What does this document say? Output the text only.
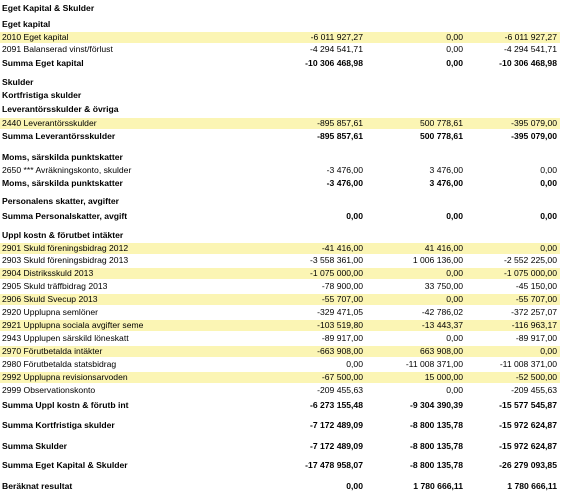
Eget Kapital & Skulder
Eget kapital
2010 Eget kapital	-6 011 927,27	0,00	-6 011 927,27
2091 Balanserad vinst/förlust	-4 294 541,71	0,00	-4 294 541,71
Summa Eget kapital	-10 306 468,98	0,00	-10 306 468,98
Skulder
Kortfristiga skulder
Leverantörsskulder & övriga
2440 Leverantörsskulder	-895 857,61	500 778,61	-395 079,00
Summa Leverantörsskulder	-895 857,61	500 778,61	-395 079,00
Moms, särskilda punktskatter
2650 *** Avräkningskonto, skulder	-3 476,00	3 476,00	0,00
Moms, särskilda punktskatter	-3 476,00	3 476,00	0,00
Personalens skatter, avgifter
Summa Personalskatter, avgift	0,00	0,00	0,00
Uppl kostn & förutbet intäkter
2901 Skuld föreningsbidrag 2012	-41 416,00	41 416,00	0,00
2903 Skuld föreningsbidrag 2013	-3 558 361,00	1 006 136,00	-2 552 225,00
2904 Distriksskuld 2013	-1 075 000,00	0,00	-1 075 000,00
2905 Skuld träffbidrag 2013	-78 900,00	33 750,00	-45 150,00
2906 Skuld Svecup 2013	-55 707,00	0,00	-55 707,00
2920 Upplupna semlöner	-329 471,05	-42 786,02	-372 257,07
2921 Upplupna sociala avgifter seme	-103 519,80	-13 443,37	-116 963,17
2943 Upplupen särskild löneskatt	-89 917,00	0,00	-89 917,00
2970 Förutbetalda intäkter	-663 908,00	663 908,00	0,00
2980 Förutbetalda statsbidrag	0,00	-11 008 371,00	-11 008 371,00
2992 Upplupna revisionsarvoden	-67 500,00	15 000,00	-52 500,00
2999 Observationskonto	-209 455,63	0,00	-209 455,63
Summa Uppl kostn & förutb int	-6 273 155,48	-9 304 390,39	-15 577 545,87
Summa Kortfristiga skulder	-7 172 489,09	-8 800 135,78	-15 972 624,87
Summa Skulder	-7 172 489,09	-8 800 135,78	-15 972 624,87
Summa Eget Kapital & Skulder	-17 478 958,07	-8 800 135,78	-26 279 093,85
Beräknat resultat	0,00	1 780 666,11	1 780 666,11
